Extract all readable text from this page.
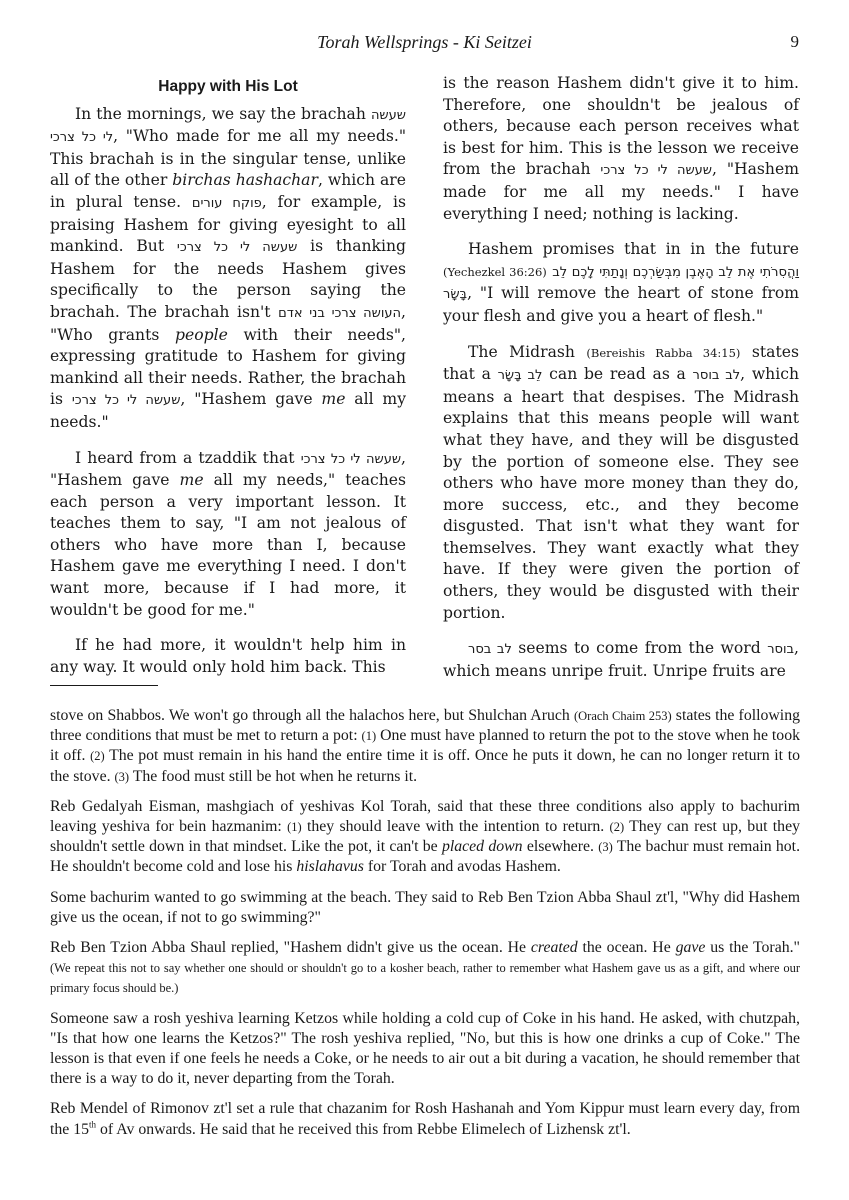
Torah Wellsprings - Ki Seitzei	9
Happy with His Lot

In the mornings, we say the brachah שעשה לי כל צרכי, "Who made for me all my needs." This brachah is in the singular tense, unlike all of the other birchas hashachar, which are in plural tense. פוקח עורים, for example, is praising Hashem for giving eyesight to all mankind. But שעשה לי כל צרכי is thanking Hashem for the needs Hashem gives specifically to the person saying the brachah. The brachah isn't העושה צרכי בני אדם, "Who grants people with their needs", expressing gratitude to Hashem for giving mankind all their needs. Rather, the brachah is שעשה לי כל צרכי, "Hashem gave me all my needs."

I heard from a tzaddik that שעשה לי כל צרכי, "Hashem gave me all my needs," teaches each person a very important lesson. It teaches them to say, "I am not jealous of others who have more than I, because Hashem gave me everything I need. I don't want more, because if I had more, it wouldn't be good for me."

If he had more, it wouldn't help him in any way. It would only hold him back. This

is the reason Hashem didn't give it to him. Therefore, one shouldn't be jealous of others, because each person receives what is best for him. This is the lesson we receive from the brachah שעשה לי כל צרכי, "Hashem made for me all my needs." I have everything I need; nothing is lacking.

Hashem promises that in in the future (Yechezkel 36:26) וַהֲסִרֹתִי אֶת לֵב הָאֶבֶן מִבְּשַׂרְכֶם וְנָתַתִּי לָכֶם לֵב בָּשָׂר, "I will remove the heart of stone from your flesh and give you a heart of flesh."

The Midrash (Bereishis Rabba 34:15) states that a לֵב בָּשָׂר can be read as a לב בוסר, which means a heart that despises. The Midrash explains that this means people will want what they have, and they will be disgusted by the portion of someone else. They see others who have more money than they do, more success, etc., and they become disgusted. That isn't what they want for themselves. They want exactly what they have. If they were given the portion of others, they would be disgusted with their portion.

לב בסר seems to come from the word בוסר, which means unripe fruit. Unripe fruits are

stove on Shabbos. We won't go through all the halachos here, but Shulchan Aruch (Orach Chaim 253) states the following three conditions that must be met to return a pot: (1) One must have planned to return the pot to the stove when he took it off. (2) The pot must remain in his hand the entire time it is off. Once he puts it down, he can no longer return it to the stove. (3) The food must still be hot when he returns it.

Reb Gedalyah Eisman, mashgiach of yeshivas Kol Torah, said that these three conditions also apply to bachurim leaving yeshiva for bein hazmanim: (1) they should leave with the intention to return. (2) They can rest up, but they shouldn't settle down in that mindset. Like the pot, it can't be placed down elsewhere. (3) The bachur must remain hot. He shouldn't become cold and lose his hislahavus for Torah and avodas Hashem.

Some bachurim wanted to go swimming at the beach. They said to Reb Ben Tzion Abba Shaul zt'l, "Why did Hashem give us the ocean, if not to go swimming?"

Reb Ben Tzion Abba Shaul replied, "Hashem didn't give us the ocean. He created the ocean. He gave us the Torah." (We repeat this not to say whether one should or shouldn't go to a kosher beach, rather to remember what Hashem gave us as a gift, and where our primary focus should be.)

Someone saw a rosh yeshiva learning Ketzos while holding a cold cup of Coke in his hand. He asked, with chutzpah, "Is that how one learns the Ketzos?" The rosh yeshiva replied, "No, but this is how one drinks a cup of Coke." The lesson is that even if one feels he needs a Coke, or he needs to air out a bit during a vacation, he should remember that there is a way to do it, never departing from the Torah.

Reb Mendel of Rimonov zt'l set a rule that chazanim for Rosh Hashanah and Yom Kippur must learn every day, from the 15th of Av onwards. He said that he received this from Rebbe Elimelech of Lizhensk zt'l.
